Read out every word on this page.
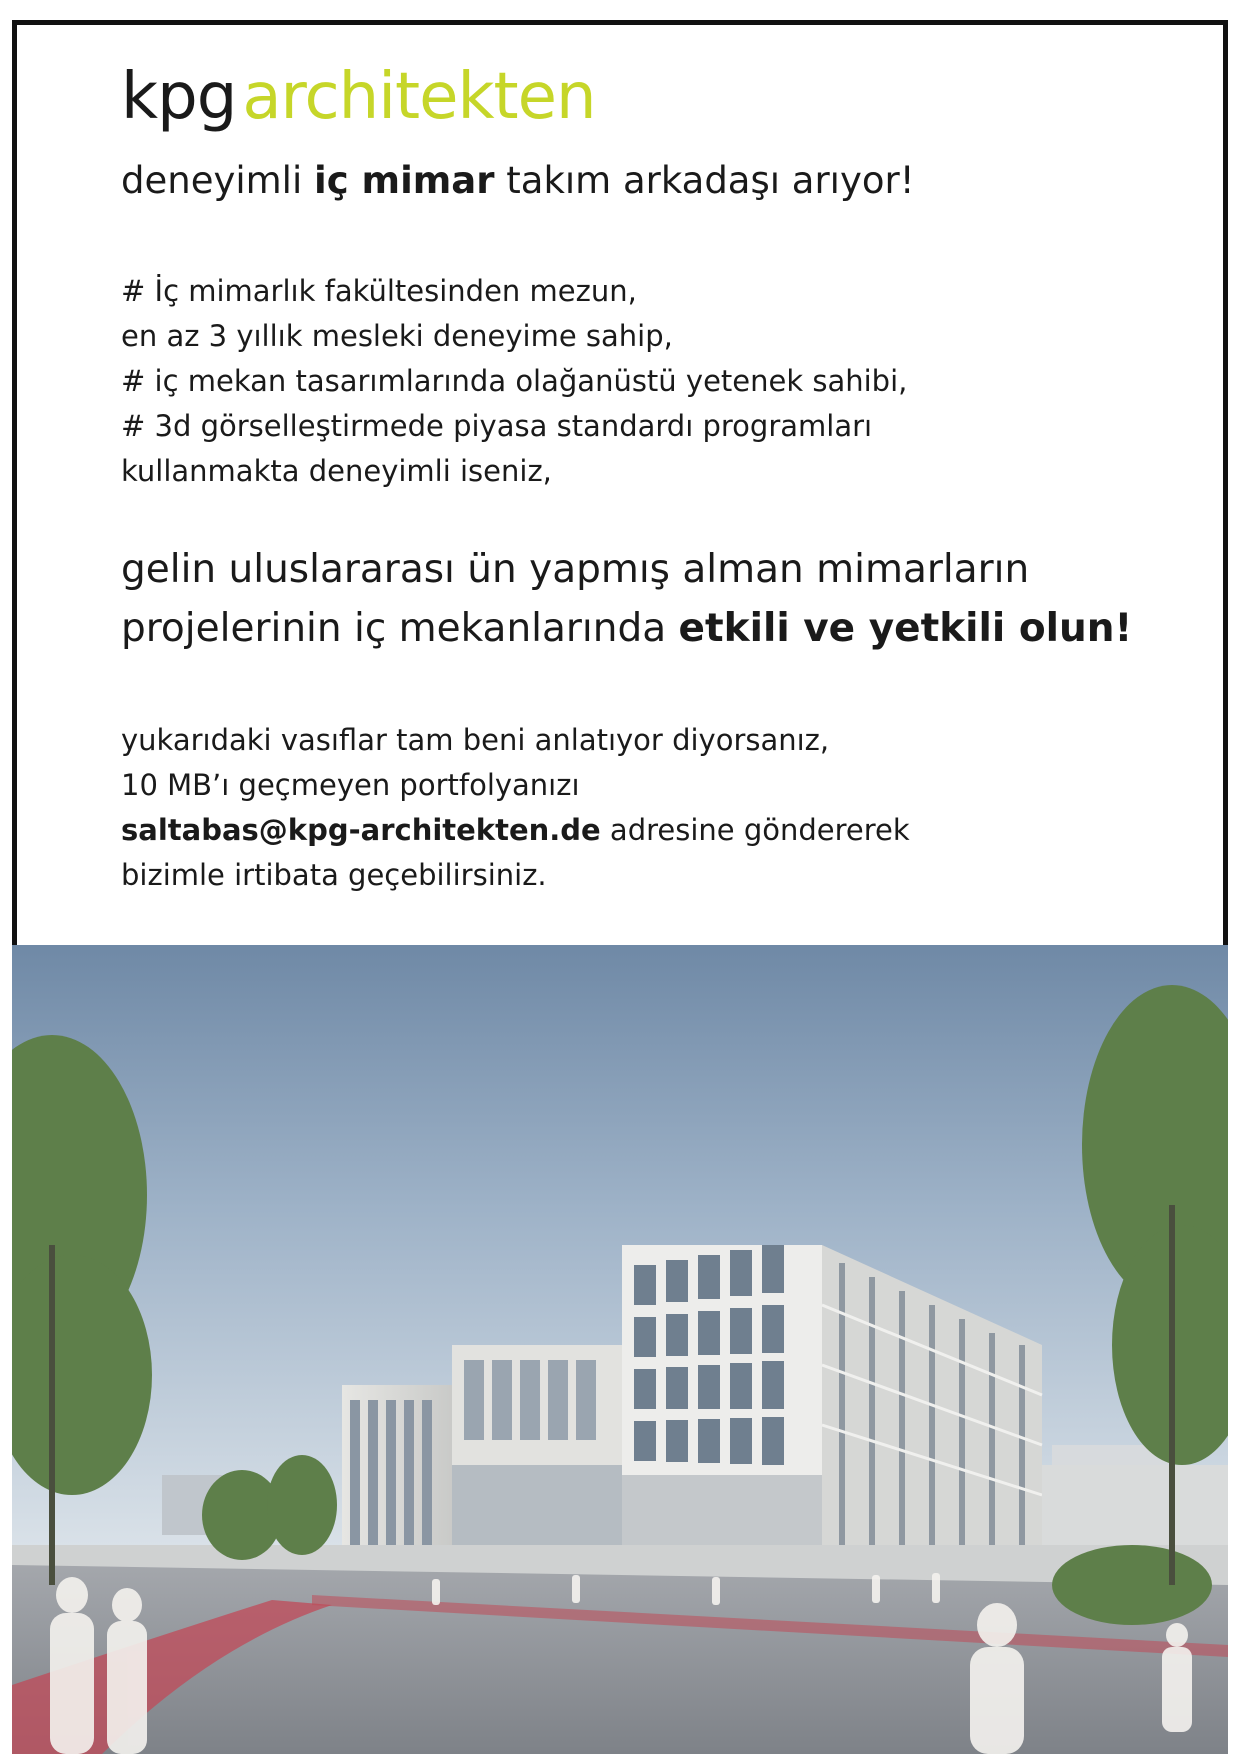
kpgarchitekten
deneyimli iç mimar takım arkadaşı arıyor!
# İç mimarlık fakültesinden mezun,
en az 3 yıllık mesleki deneyime sahip,
# iç mekan tasarımlarında olağanüstü yetenek sahibi,
# 3d görselleştirmede piyasa standardı programları
kullanmakta deneyimli iseniz,
gelin uluslararası ün yapmış alman mimarların
projelerinin iç mekanlarında etkili ve yetkili olun!
yukarıdaki vasıflar tam beni anlatıyor diyorsanız,
10 MB’ı geçmeyen portfolyanızı
saltabas@kpg-architekten.de adresine göndererek
bizimle irtibata geçebilirsiniz.
